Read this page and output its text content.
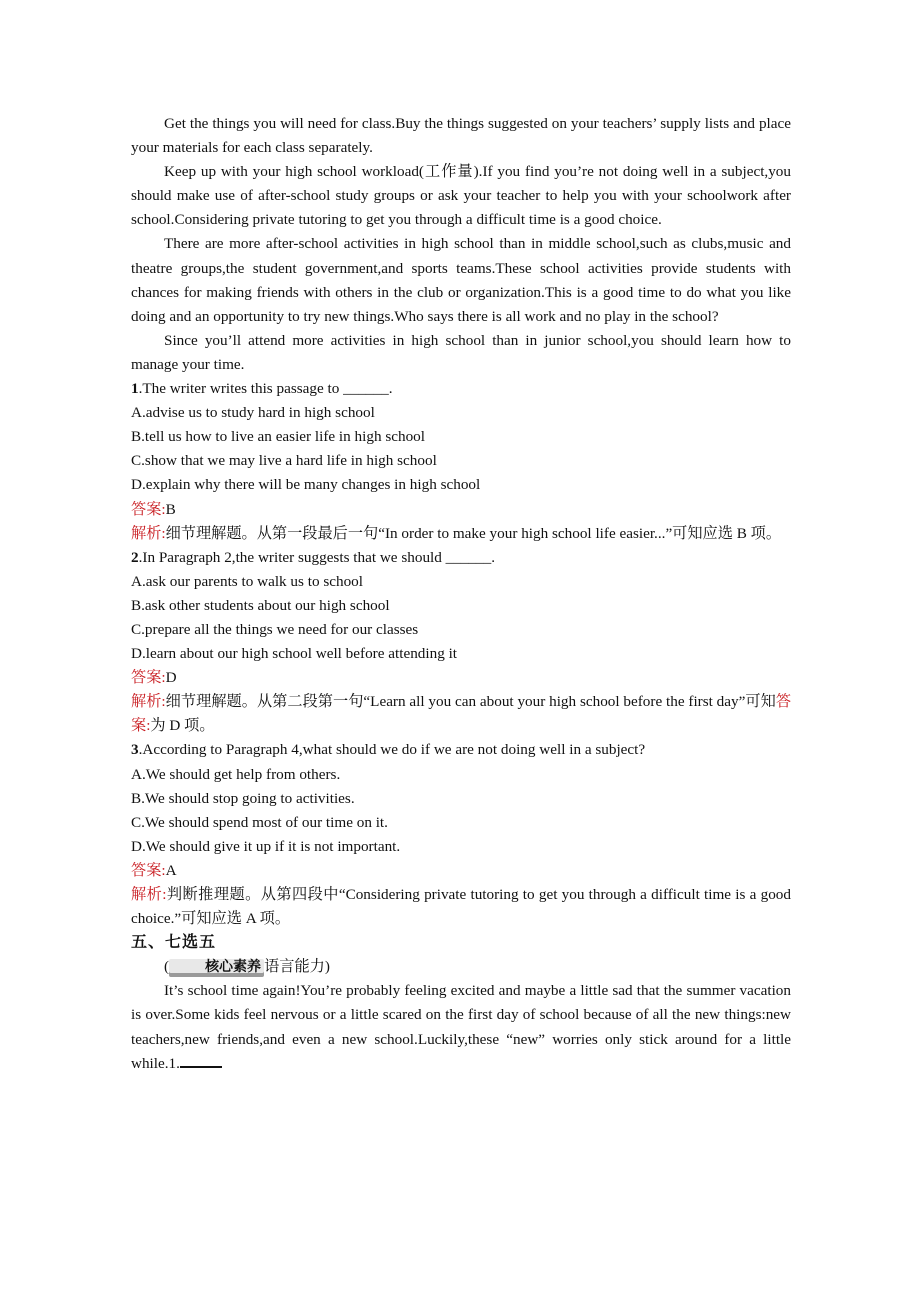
Get the things you will need for class.Buy the things suggested on your teachers’ supply lists and place your materials for each class separately.

Keep up with your high school workload(工作量).If you find you’re not doing well in a subject,you should make use of after-school study groups or ask your teacher to help you with your schoolwork after school.Considering private tutoring to get you through a difficult time is a good choice.

There are more after-school activities in high school than in middle school,such as clubs,music and theatre groups,the student government,and sports teams.These school activities provide students with chances for making friends with others in the club or organization.This is a good time to do what you like doing and an opportunity to try new things.Who says there is all work and no play in the school?

Since you’ll attend more activities in high school than in junior school,you should learn how to manage your time.

1.The writer writes this passage to ______.

A.advise us to study hard in high school

B.tell us how to live an easier life in high school

C.show that we may live a hard life in high school

D.explain why there will be many changes in high school

答案:B

解析:细节理解题。从第一段最后一句“In order to make your high school life easier...”可知应选 B 项。

2.In Paragraph 2,the writer suggests that we should ______.

A.ask our parents to walk us to school

B.ask other students about our high school

C.prepare all the things we need for our classes

D.learn about our high school well before attending it

答案:D

解析:细节理解题。从第二段第一句“Learn all you can about your high school before the first day”可知答案:为 D 项。

3.According to Paragraph 4,what should we do if we are not doing well in a subject?

A.We should get help from others.

B.We should stop going to activities.

C.We should spend most of our time on it.

D.We should give it up if it is not important.

答案:A

解析:判断推理题。从第四段中“Considering private tutoring to get you through a difficult time is a good choice.”可知应选 A 项。

五、七选五

(	核心素养 语言能力)

It’s school time again!You’re probably feeling excited and maybe a little sad that the summer vacation is over.Some kids feel nervous or a little scared on the first day of school because of all the new things:new teachers,new friends,and even a new school.Luckily,these “new” worries only stick around for a little while.1.
